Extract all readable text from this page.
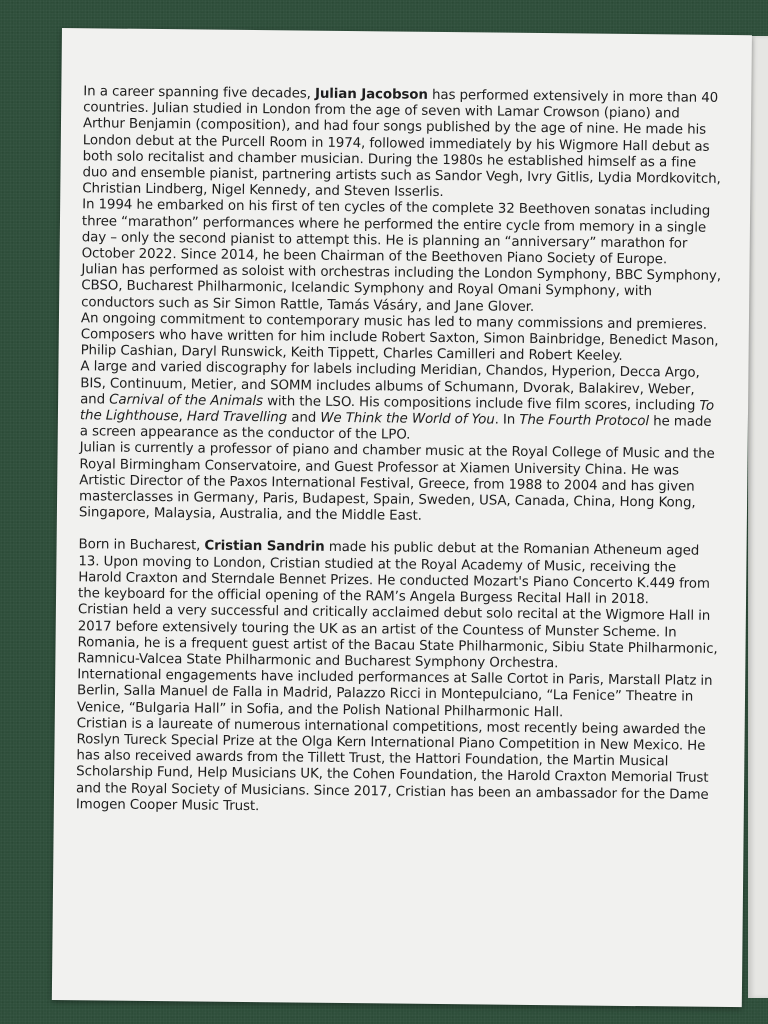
In a career spanning five decades, Julian Jacobson has performed extensively in more than 40 countries. Julian studied in London from the age of seven with Lamar Crowson (piano) and Arthur Benjamin (composition), and had four songs published by the age of nine. He made his London debut at the Purcell Room in 1974, followed immediately by his Wigmore Hall debut as both solo recitalist and chamber musician. During the 1980s he established himself as a fine duo and ensemble pianist, partnering artists such as Sandor Vegh, Ivry Gitlis, Lydia Mordkovitch, Christian Lindberg, Nigel Kennedy, and Steven Isserlis.

In 1994 he embarked on his first of ten cycles of the complete 32 Beethoven sonatas including three “marathon” performances where he performed the entire cycle from memory in a single day – only the second pianist to attempt this. He is planning an “anniversary” marathon for October 2022. Since 2014, he been Chairman of the Beethoven Piano Society of Europe.

Julian has performed as soloist with orchestras including the London Symphony, BBC Symphony, CBSO, Bucharest Philharmonic, Icelandic Symphony and Royal Omani Symphony, with conductors such as Sir Simon Rattle, Tamás Vásáry, and Jane Glover.

An ongoing commitment to contemporary music has led to many commissions and premieres. Composers who have written for him include Robert Saxton, Simon Bainbridge, Benedict Mason, Philip Cashian, Daryl Runswick, Keith Tippett, Charles Camilleri and Robert Keeley.

A large and varied discography for labels including Meridian, Chandos, Hyperion, Decca Argo, BIS, Continuum, Metier, and SOMM includes albums of Schumann, Dvorak, Balakirev, Weber, and Carnival of the Animals with the LSO. His compositions include five film scores, including To the Lighthouse, Hard Travelling and We Think the World of You. In The Fourth Protocol he made a screen appearance as the conductor of the LPO.

Julian is currently a professor of piano and chamber music at the Royal College of Music and the Royal Birmingham Conservatoire, and Guest Professor at Xiamen University China. He was Artistic Director of the Paxos International Festival, Greece, from 1988 to 2004 and has given masterclasses in Germany, Paris, Budapest, Spain, Sweden, USA, Canada, China, Hong Kong, Singapore, Malaysia, Australia, and the Middle East.

Born in Bucharest, Cristian Sandrin made his public debut at the Romanian Atheneum aged 13. Upon moving to London, Cristian studied at the Royal Academy of Music, receiving the Harold Craxton and Sterndale Bennet Prizes. He conducted Mozart's Piano Concerto K.449 from the keyboard for the official opening of the RAM’s Angela Burgess Recital Hall in 2018.

Cristian held a very successful and critically acclaimed debut solo recital at the Wigmore Hall in 2017 before extensively touring the UK as an artist of the Countess of Munster Scheme. In Romania, he is a frequent guest artist of the Bacau State Philharmonic, Sibiu State Philharmonic, Ramnicu-Valcea State Philharmonic and Bucharest Symphony Orchestra.

International engagements have included performances at Salle Cortot in Paris, Marstall Platz in Berlin, Salla Manuel de Falla in Madrid, Palazzo Ricci in Montepulciano, “La Fenice” Theatre in Venice, “Bulgaria Hall” in Sofia, and the Polish National Philharmonic Hall.

Cristian is a laureate of numerous international competitions, most recently being awarded the Roslyn Tureck Special Prize at the Olga Kern International Piano Competition in New Mexico. He has also received awards from the Tillett Trust, the Hattori Foundation, the Martin Musical Scholarship Fund, Help Musicians UK, the Cohen Foundation, the Harold Craxton Memorial Trust and the Royal Society of Musicians. Since 2017, Cristian has been an ambassador for the Dame Imogen Cooper Music Trust.
